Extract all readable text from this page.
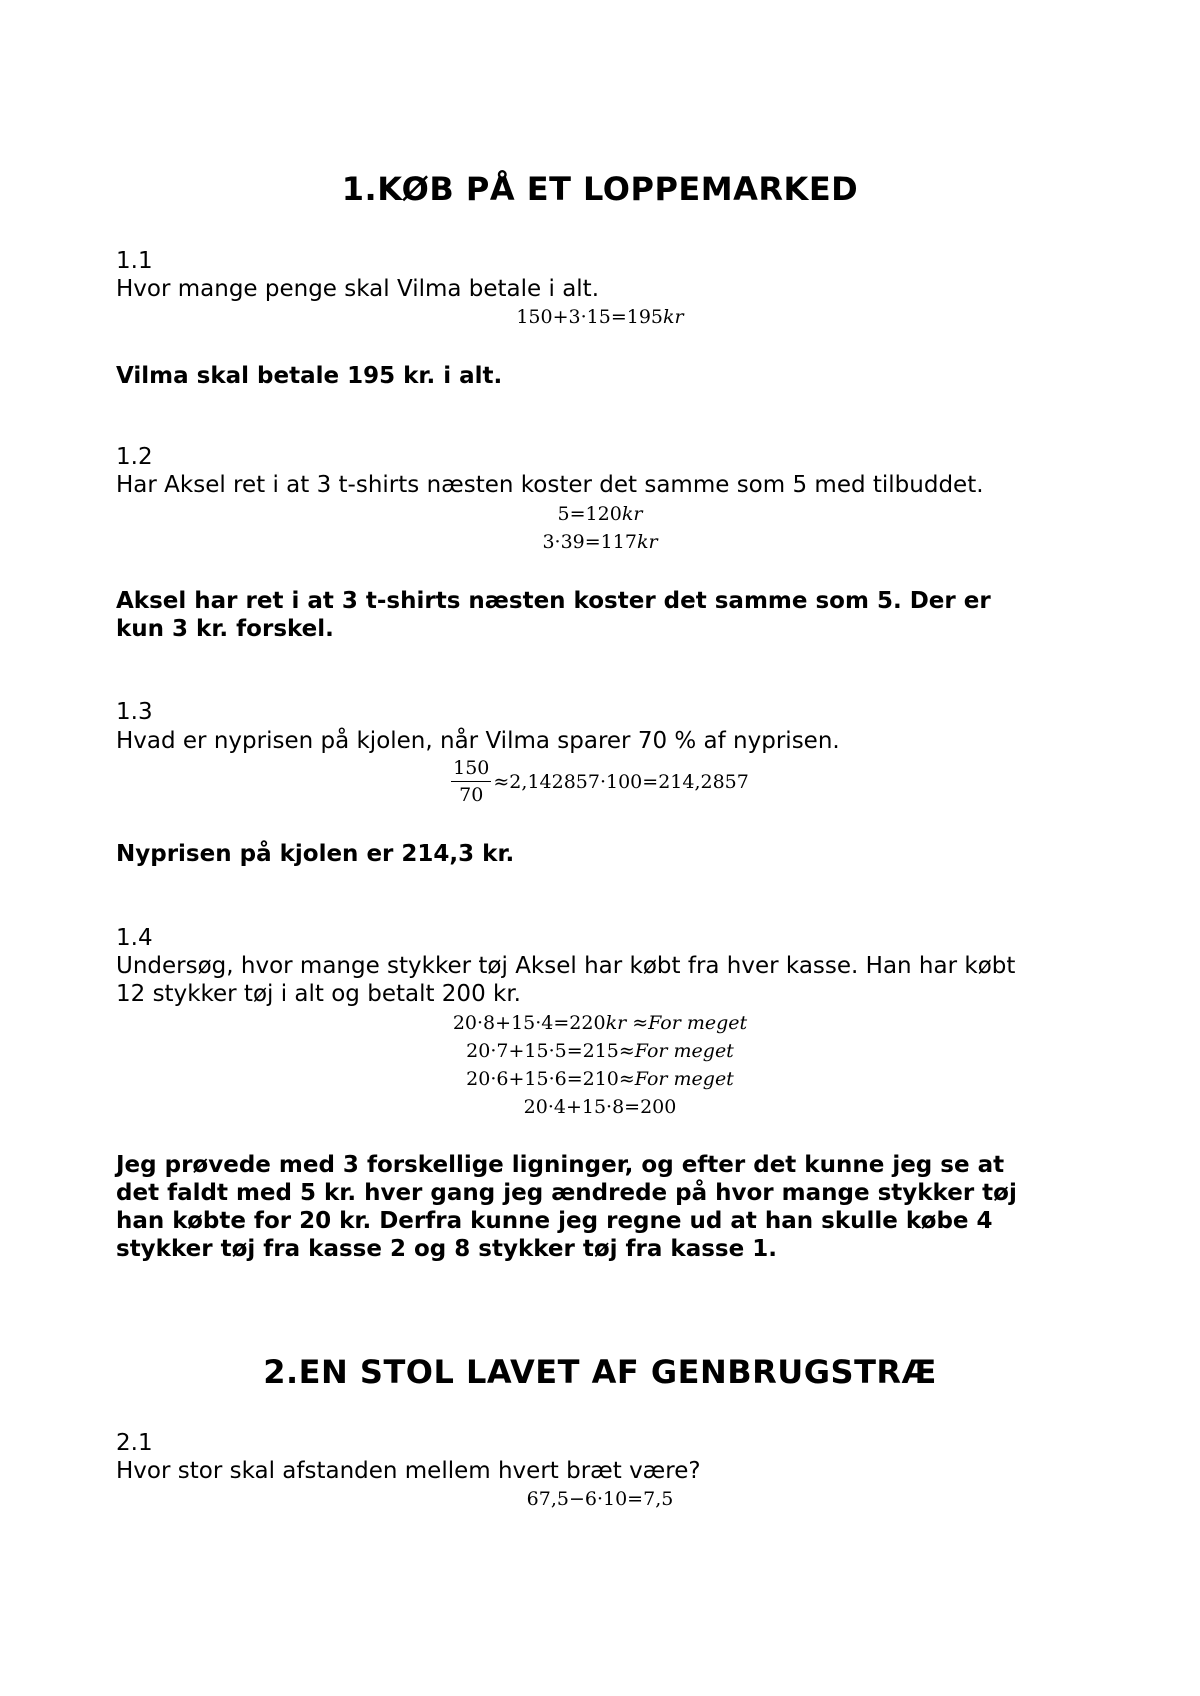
1.KØB PÅ ET LOPPEMARKED
1.1
Hvor mange penge skal Vilma betale i alt.
150+3·15=195kr
Vilma skal betale 195 kr. i alt.
1.2
Har Aksel ret i at 3 t-shirts næsten koster det samme som 5 med tilbuddet.
5=120kr
3·39=117kr
Aksel har ret i at 3 t-shirts næsten koster det samme som 5. Der er
kun 3 kr. forskel.
1.3
Hvad er nyprisen på kjolen, når Vilma sparer 70 % af nyprisen.
$\frac{150}{70} \approx 2,142857\cdot 100=214,2857$
Nyprisen på kjolen er 214,3 kr.
1.4
Undersøg, hvor mange stykker tøj Aksel har købt fra hver kasse. Han har købt
12 stykker tøj i alt og betalt 200 kr.
20·8+15·4=220kr ≈For meget
20·7+15·5=215≈For meget
20·6+15·6=210≈For meget
20·4+15·8=200
Jeg prøvede med 3 forskellige ligninger, og efter det kunne jeg se at
det faldt med 5 kr. hver gang jeg ændrede på hvor mange stykker tøj
han købte for 20 kr. Derfra kunne jeg regne ud at han skulle købe 4
stykker tøj fra kasse 2 og 8 stykker tøj fra kasse 1.
2.EN STOL LAVET AF GENBRUGSTRÆ
2.1
Hvor stor skal afstanden mellem hvert bræt være?
67,5−6·10=7,5
